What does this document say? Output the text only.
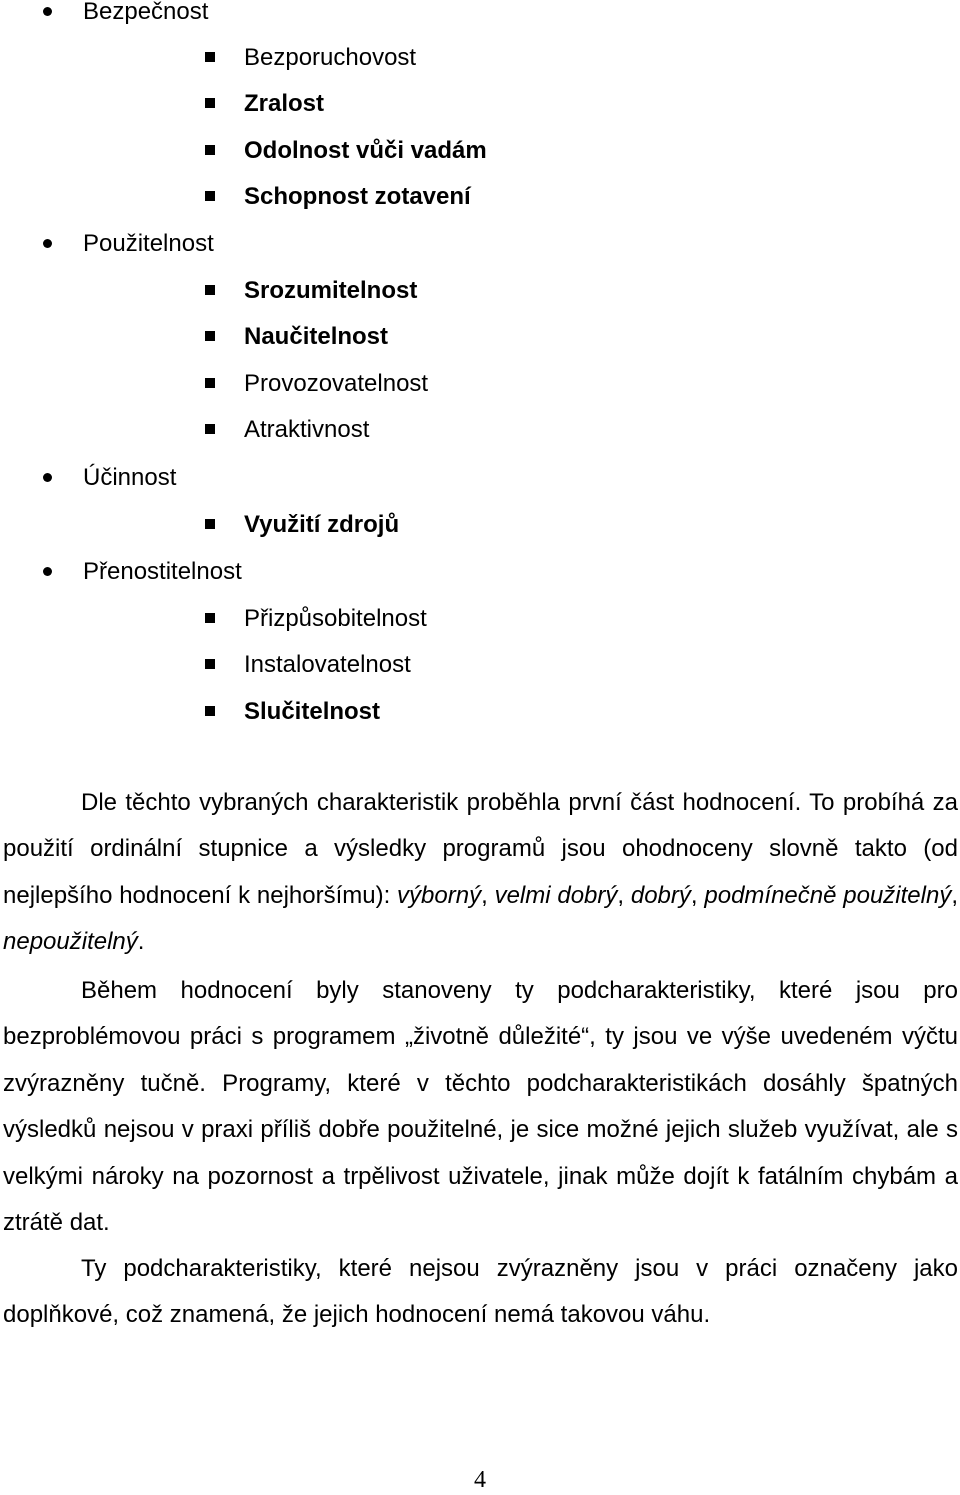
Bezpečnost
Bezporuchovost
Zralost
Odolnost vůči vadám
Schopnost zotavení
Použitelnost
Srozumitelnost
Naučitelnost
Provozovatelnost
Atraktivnost
Účinnost
Využití zdrojů
Přenostitelnost
Přizpůsobitelnost
Instalovatelnost
Slučitelnost

Dle těchto vybraných charakteristik proběhla první část hodnocení. To probíhá za použití ordinální stupnice a výsledky programů jsou ohodnoceny slovně takto (od nejlepšího hodnocení k nejhoršímu): výborný, velmi dobrý, dobrý, podmínečně použitelný, nepoužitelný.

Během hodnocení byly stanoveny ty podcharakteristiky, které jsou pro bezproblémovou práci s programem „životně důležité“, ty jsou ve výše uvedeném výčtu zvýrazněny tučně. Programy, které v těchto podcharakteristikách dosáhly špatných výsledků nejsou v praxi příliš dobře použitelné, je sice možné jejich služeb využívat, ale s velkými nároky na pozornost a trpělivost uživatele, jinak může dojít k fatálním chybám a ztrátě dat.

Ty podcharakteristiky, které nejsou zvýrazněny jsou v práci označeny jako doplňkové, což znamená, že jejich hodnocení nemá takovou váhu.

4
